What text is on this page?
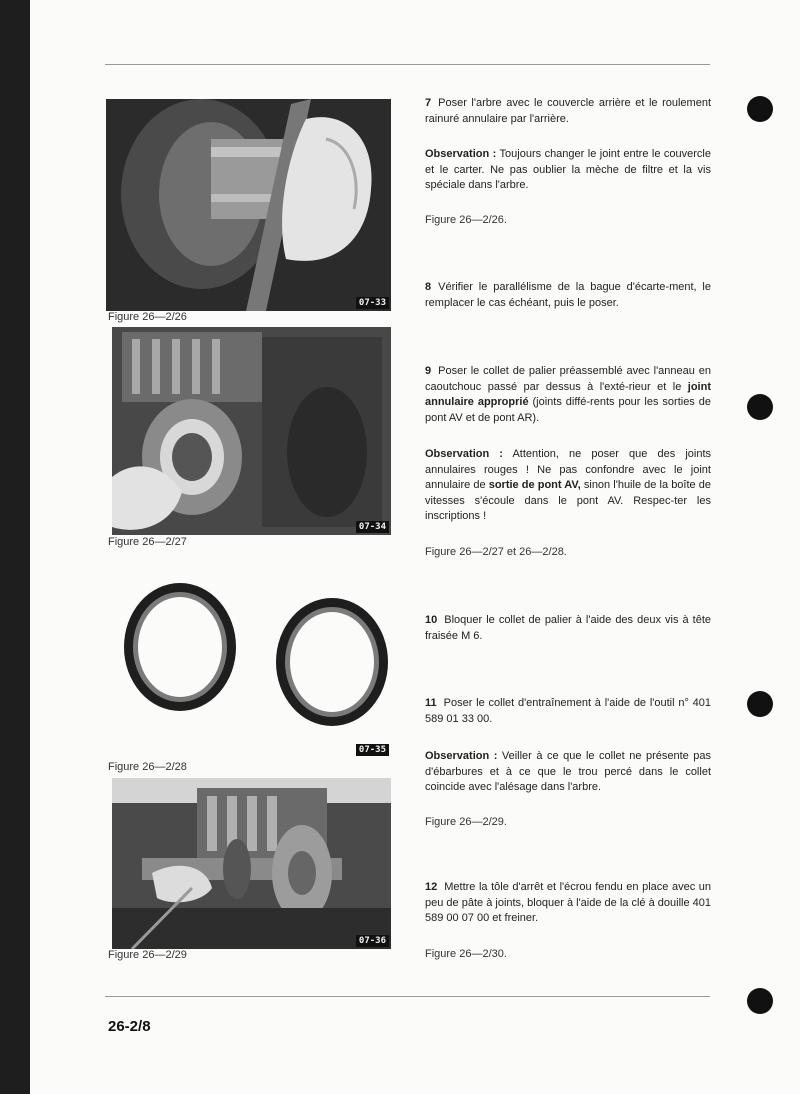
07-33
Figure 26—2/26
07-34
Figure 26—2/27
07-35
Figure 26—2/28
07-36
Figure 26—2/29
7 Poser l'arbre avec le couvercle arrière et le roulement rainuré annulaire par l'arrière.
Observation : Toujours changer le joint entre le couvercle et le carter. Ne pas oublier la mèche de filtre et la vis spéciale dans l'arbre.
Figure 26—2/26.
8 Vérifier le parallélisme de la bague d'écarte-ment, le remplacer le cas échéant, puis le poser.
9 Poser le collet de palier préassemblé avec l'anneau en caoutchouc passé par dessus à l'exté-rieur et le joint annulaire approprié (joints diffé-rents pour les sorties de pont AV et de pont AR).
Observation : Attention, ne poser que des joints annulaires rouges ! Ne pas confondre avec le joint annulaire de sortie de pont AV, sinon l'huile de la boîte de vitesses s'écoule dans le pont AV. Respec-ter les inscriptions !
Figure 26—2/27 et 26—2/28.
10 Bloquer le collet de palier à l'aide des deux vis à tête fraisée M 6.
11 Poser le collet d'entraînement à l'aide de l'outil n° 401 589 01 33 00.
Observation : Veiller à ce que le collet ne présente pas d'ébarbures et à ce que le trou percé dans le collet coincide avec l'alésage dans l'arbre.
Figure 26—2/29.
12 Mettre la tôle d'arrêt et l'écrou fendu en place avec un peu de pâte à joints, bloquer à l'aide de la clé à douille 401 589 00 07 00 et freiner.
Figure 26—2/30.
26-2/8
